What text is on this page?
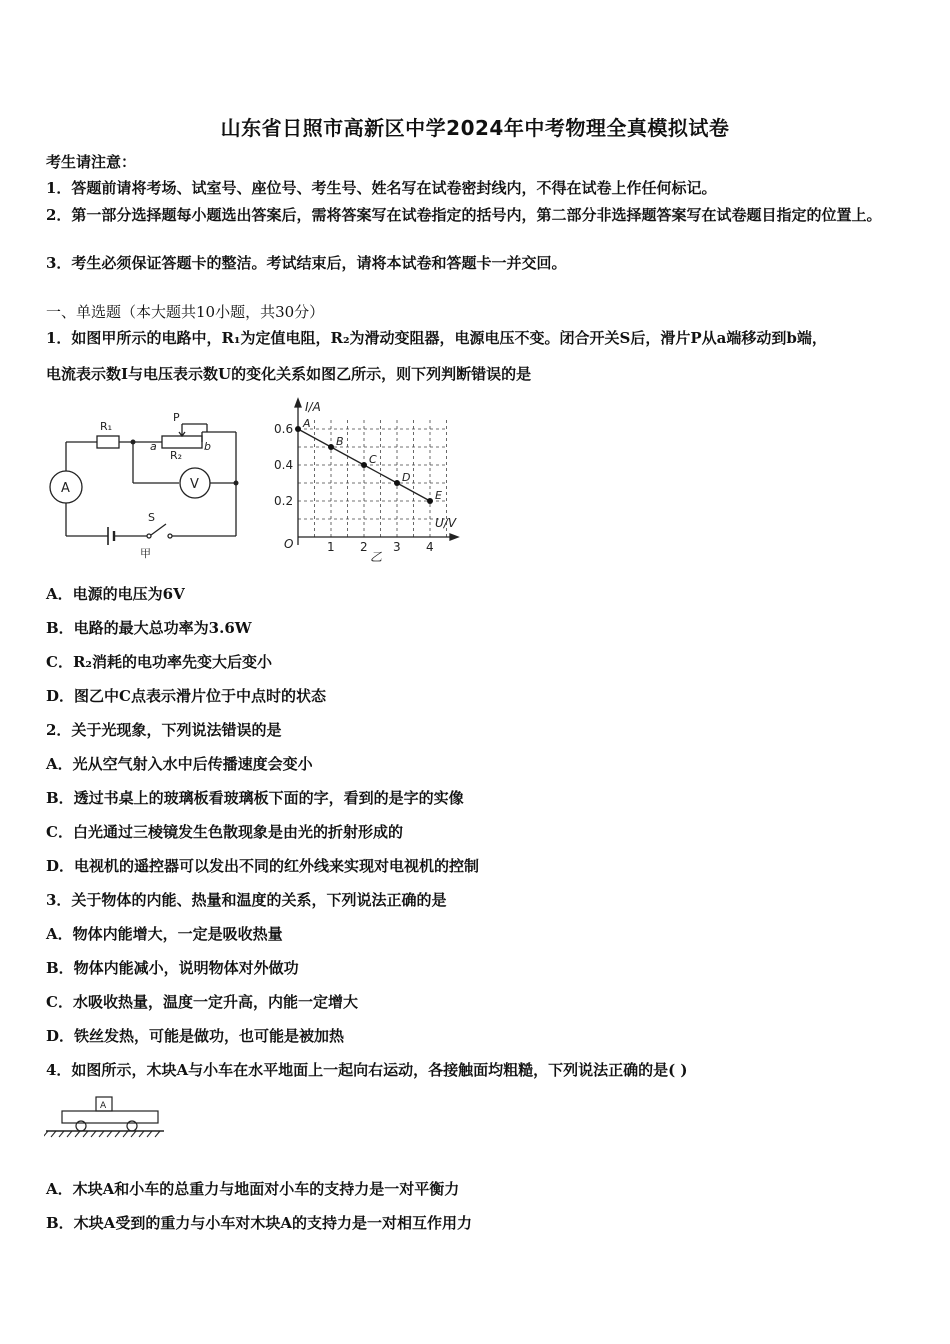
山东省日照市高新区中学2024年中考物理全真模拟试卷
考生请注意：
1．答题前请将考场、试室号、座位号、考生号、姓名写在试卷密封线内，不得在试卷上作任何标记。
2．第一部分选择题每小题选出答案后，需将答案写在试卷指定的括号内，第二部分非选择题答案写在试卷题目指定的位置上。
3．考生必须保证答题卡的整洁。考试结束后，请将本试卷和答题卡一并交回。
一、单选题（本大题共10小题，共30分）
1．如图甲所示的电路中，R₁为定值电阻，R₂为滑动变阻器，电源电压不变。闭合开关S后，滑片P从a端移动到b端，
电流表示数I与电压表示数U的变化关系如图乙所示，则下列判断错误的是
R₁
R₂
P
a	b
A	V
S
甲
A
B
C
D
E
I/A
U/V
O
乙
1 2 3 4
0.6
0.4
0.2
A．电源的电压为6V
B．电路的最大总功率为3.6W
C．R₂消耗的电功率先变大后变小
D．图乙中C点表示滑片位于中点时的状态
2．关于光现象，下列说法错误的是
A．光从空气射入水中后传播速度会变小
B．透过书桌上的玻璃板看玻璃板下面的字，看到的是字的实像
C．白光通过三棱镜发生色散现象是由光的折射形成的
D．电视机的遥控器可以发出不同的红外线来实现对电视机的控制
3．关于物体的内能、热量和温度的关系，下列说法正确的是
A．物体内能增大，一定是吸收热量
B．物体内能减小，说明物体对外做功
C．水吸收热量，温度一定升高，内能一定增大
D．铁丝发热，可能是做功，也可能是被加热
4．如图所示，木块A与小车在水平地面上一起向右运动，各接触面均粗糙，下列说法正确的是( )
A
A．木块A和小车的总重力与地面对小车的支持力是一对平衡力
B．木块A受到的重力与小车对木块A的支持力是一对相互作用力
